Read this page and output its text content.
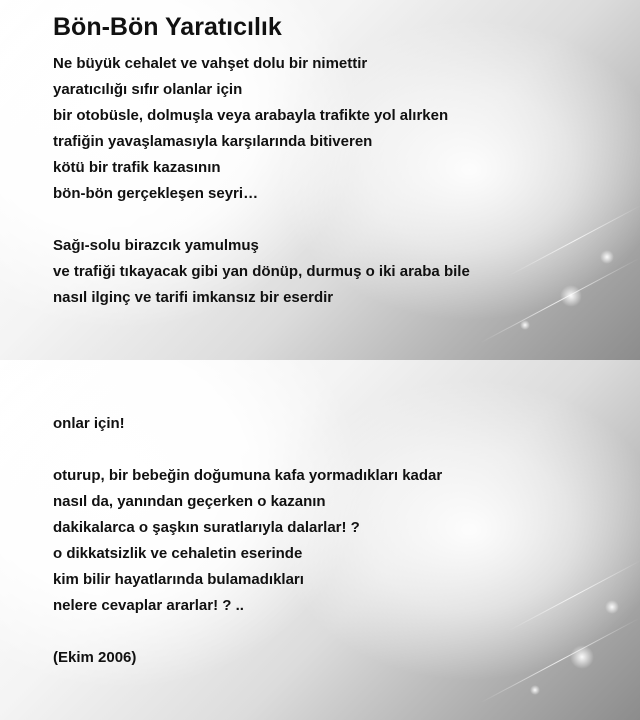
Bön-Bön Yaratıcılık
Ne büyük cehalet ve vahşet dolu bir nimettir
yaratıcılığı sıfır olanlar için
bir otobüsle, dolmuşla veya arabayla trafikte yol alırken
trafiğin yavaşlamasıyla karşılarında bitiveren
kötü bir trafik kazasının
bön-bön gerçekleşen seyri…
Sağı-solu birazcık yamulmuş
ve trafiği tıkayacak gibi yan dönüp, durmuş o iki araba bile
nasıl ilginç ve tarifi imkansız bir eserdir
onlar için!
oturup, bir bebeğin doğumuna kafa yormadıkları kadar
nasıl da, yanından geçerken o kazanın
dakikalarca o şaşkın suratlarıyla dalarlar! ?
o dikkatsizlik ve cehaletin eserinde
kim bilir hayatlarında bulamadıkları
nelere cevaplar ararlar! ? ..
(Ekim 2006)
